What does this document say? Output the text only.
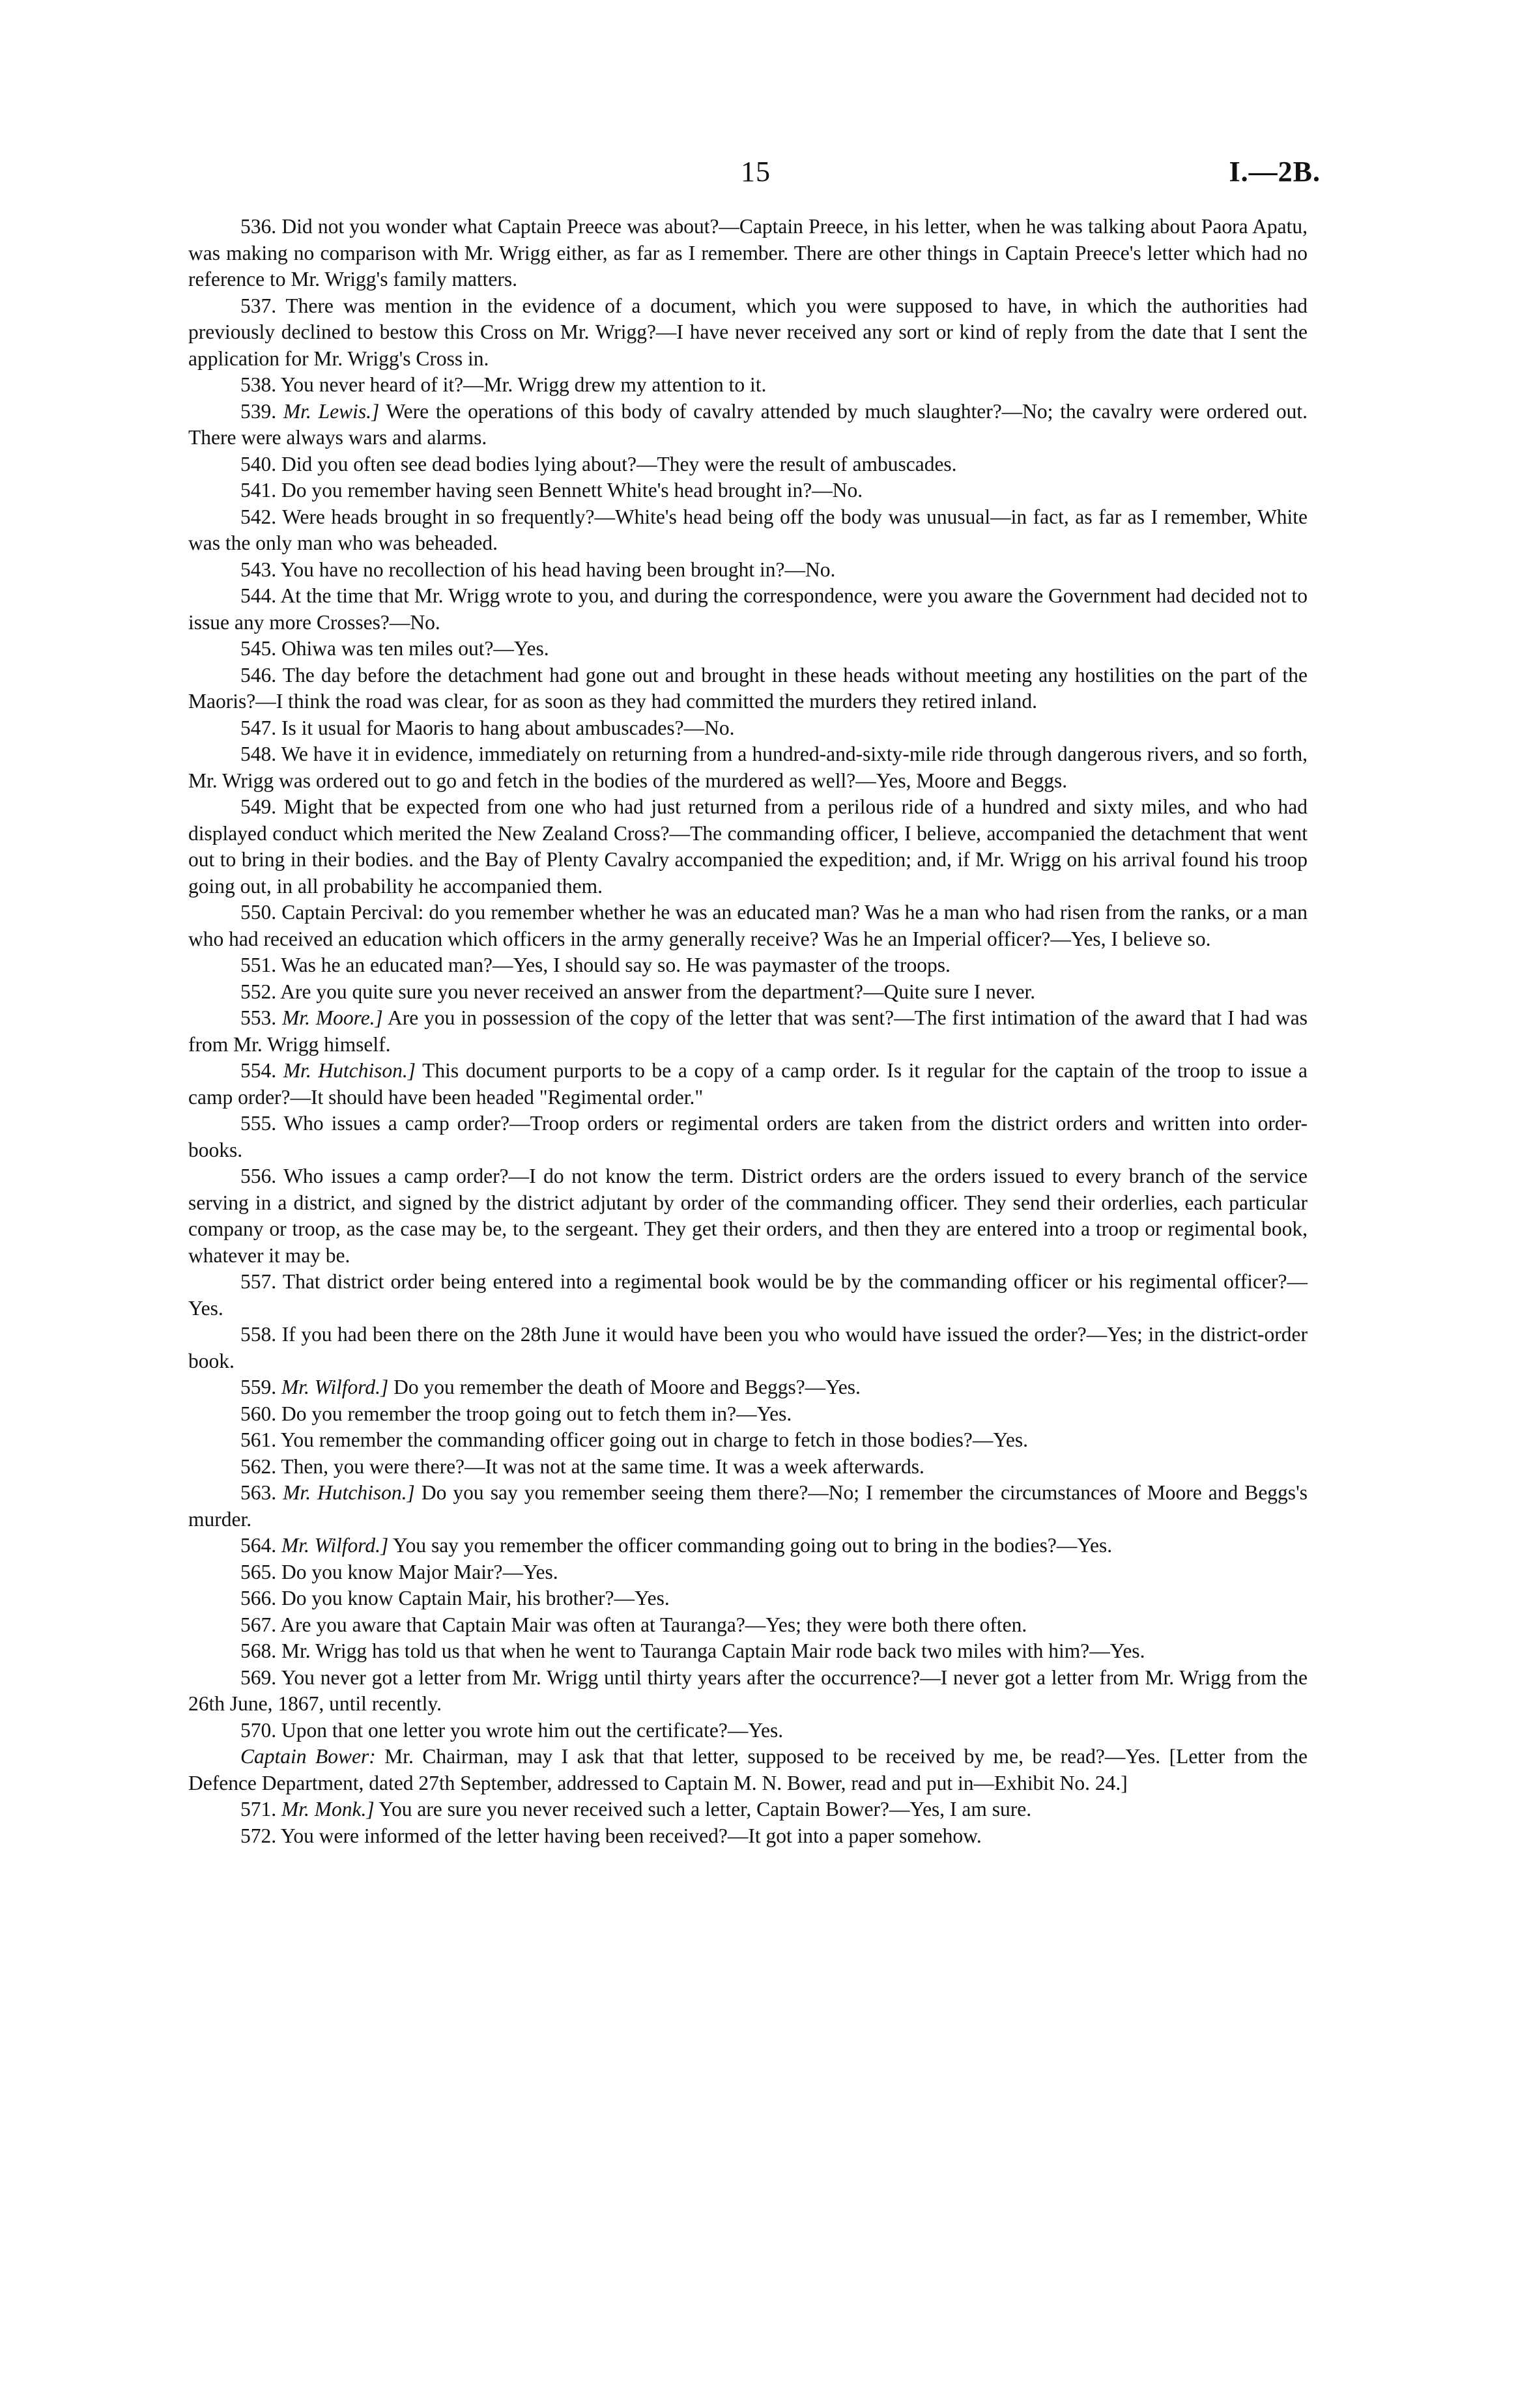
15	I.—2B.

536. Did not you wonder what Captain Preece was about?—Captain Preece, in his letter, when he was talking about Paora Apatu, was making no comparison with Mr. Wrigg either, as far as I remember. There are other things in Captain Preece's letter which had no reference to Mr. Wrigg's family matters.

537. There was mention in the evidence of a document, which you were supposed to have, in which the authorities had previously declined to bestow this Cross on Mr. Wrigg?—I have never received any sort or kind of reply from the date that I sent the application for Mr. Wrigg's Cross in.

538. You never heard of it?—Mr. Wrigg drew my attention to it.

539. Mr. Lewis.] Were the operations of this body of cavalry attended by much slaughter?—No; the cavalry were ordered out. There were always wars and alarms.

540. Did you often see dead bodies lying about?—They were the result of ambuscades.

541. Do you remember having seen Bennett White's head brought in?—No.

542. Were heads brought in so frequently?—White's head being off the body was unusual—in fact, as far as I remember, White was the only man who was beheaded.

543. You have no recollection of his head having been brought in?—No.

544. At the time that Mr. Wrigg wrote to you, and during the correspondence, were you aware the Government had decided not to issue any more Crosses?—No.

545. Ohiwa was ten miles out?—Yes.

546. The day before the detachment had gone out and brought in these heads without meeting any hostilities on the part of the Maoris?—I think the road was clear, for as soon as they had committed the murders they retired inland.

547. Is it usual for Maoris to hang about ambuscades?—No.

548. We have it in evidence, immediately on returning from a hundred-and-sixty-mile ride through dangerous rivers, and so forth, Mr. Wrigg was ordered out to go and fetch in the bodies of the murdered as well?—Yes, Moore and Beggs.

549. Might that be expected from one who had just returned from a perilous ride of a hundred and sixty miles, and who had displayed conduct which merited the New Zealand Cross?—The commanding officer, I believe, accompanied the detachment that went out to bring in their bodies. and the Bay of Plenty Cavalry accompanied the expedition; and, if Mr. Wrigg on his arrival found his troop going out, in all probability he accompanied them.

550. Captain Percival: do you remember whether he was an educated man? Was he a man who had risen from the ranks, or a man who had received an education which officers in the army generally receive? Was he an Imperial officer?—Yes, I believe so.

551. Was he an educated man?—Yes, I should say so. He was paymaster of the troops.

552. Are you quite sure you never received an answer from the department?—Quite sure I never.

553. Mr. Moore.] Are you in possession of the copy of the letter that was sent?—The first intimation of the award that I had was from Mr. Wrigg himself.

554. Mr. Hutchison.] This document purports to be a copy of a camp order. Is it regular for the captain of the troop to issue a camp order?—It should have been headed "Regimental order."

555. Who issues a camp order?—Troop orders or regimental orders are taken from the district orders and written into order-books.

556. Who issues a camp order?—I do not know the term. District orders are the orders issued to every branch of the service serving in a district, and signed by the district adjutant by order of the commanding officer. They send their orderlies, each particular company or troop, as the case may be, to the sergeant. They get their orders, and then they are entered into a troop or regimental book, whatever it may be.

557. That district order being entered into a regimental book would be by the commanding officer or his regimental officer?—Yes.

558. If you had been there on the 28th June it would have been you who would have issued the order?—Yes; in the district-order book.

559. Mr. Wilford.] Do you remember the death of Moore and Beggs?—Yes.

560. Do you remember the troop going out to fetch them in?—Yes.

561. You remember the commanding officer going out in charge to fetch in those bodies?—Yes.

562. Then, you were there?—It was not at the same time. It was a week afterwards.

563. Mr. Hutchison.] Do you say you remember seeing them there?—No; I remember the circumstances of Moore and Beggs's murder.

564. Mr. Wilford.] You say you remember the officer commanding going out to bring in the bodies?—Yes.

565. Do you know Major Mair?—Yes.

566. Do you know Captain Mair, his brother?—Yes.

567. Are you aware that Captain Mair was often at Tauranga?—Yes; they were both there often.

568. Mr. Wrigg has told us that when he went to Tauranga Captain Mair rode back two miles with him?—Yes.

569. You never got a letter from Mr. Wrigg until thirty years after the occurrence?—I never got a letter from Mr. Wrigg from the 26th June, 1867, until recently.

570. Upon that one letter you wrote him out the certificate?—Yes.

Captain Bower: Mr. Chairman, may I ask that that letter, supposed to be received by me, be read?—Yes. [Letter from the Defence Department, dated 27th September, addressed to Captain M. N. Bower, read and put in—Exhibit No. 24.]

571. Mr. Monk.] You are sure you never received such a letter, Captain Bower?—Yes, I am sure.

572. You were informed of the letter having been received?—It got into a paper somehow.
